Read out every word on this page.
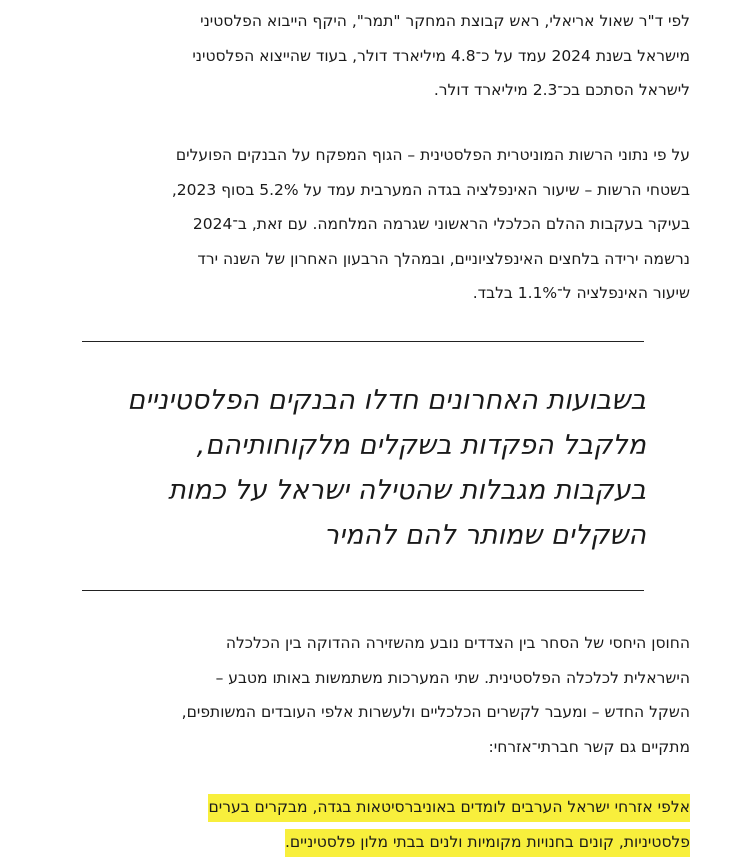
לפי ד"ר שאול אריאלי, ראש קבוצת המחקר "תמר", היקף הייבוא הפלסטיני
מישראל בשנת 2024 עמד על כ־4.8 מיליארד דולר, בעוד שהייצוא הפלסטיני
לישראל הסתכם בכ־2.3 מיליארד דולר.

על פי נתוני הרשות המוניטרית הפלסטינית – הגוף המפקח על הבנקים הפועלים
בשטחי הרשות – שיעור האינפלציה בגדה המערבית עמד על 5.2% בסוף 2023,
בעיקר בעקבות ההלם הכלכלי הראשוני שגרמה המלחמה. עם זאת, ב־2024
נרשמה ירידה בלחצים האינפלציוניים, ובמהלך הרבעון האחרון של השנה ירד
שיעור האינפלציה ל־1.1% בלבד.

בשבועות האחרונים חדלו הבנקים הפלסטיניים
מלקבל הפקדות בשקלים מלקוחותיהם,
בעקבות מגבלות שהטילה ישראל על כמות
השקלים שמותר להם להמיר

החוסן היחסי של הסחר בין הצדדים נובע מהשזירה ההדוקה בין הכלכלה
הישראלית לכלכלה הפלסטינית. שתי המערכות משתמשות באותו מטבע –
השקל החדש – ומעבר לקשרים הכלכליים ולעשרות אלפי העובדים המשותפים,
מתקיים גם קשר חברתי־אזרחי:

אלפי אזרחי ישראל הערבים לומדים באוניברסיטאות בגדה, מבקרים בערים
פלסטיניות, קונים בחנויות מקומיות ולנים בבתי מלון פלסטיניים.
